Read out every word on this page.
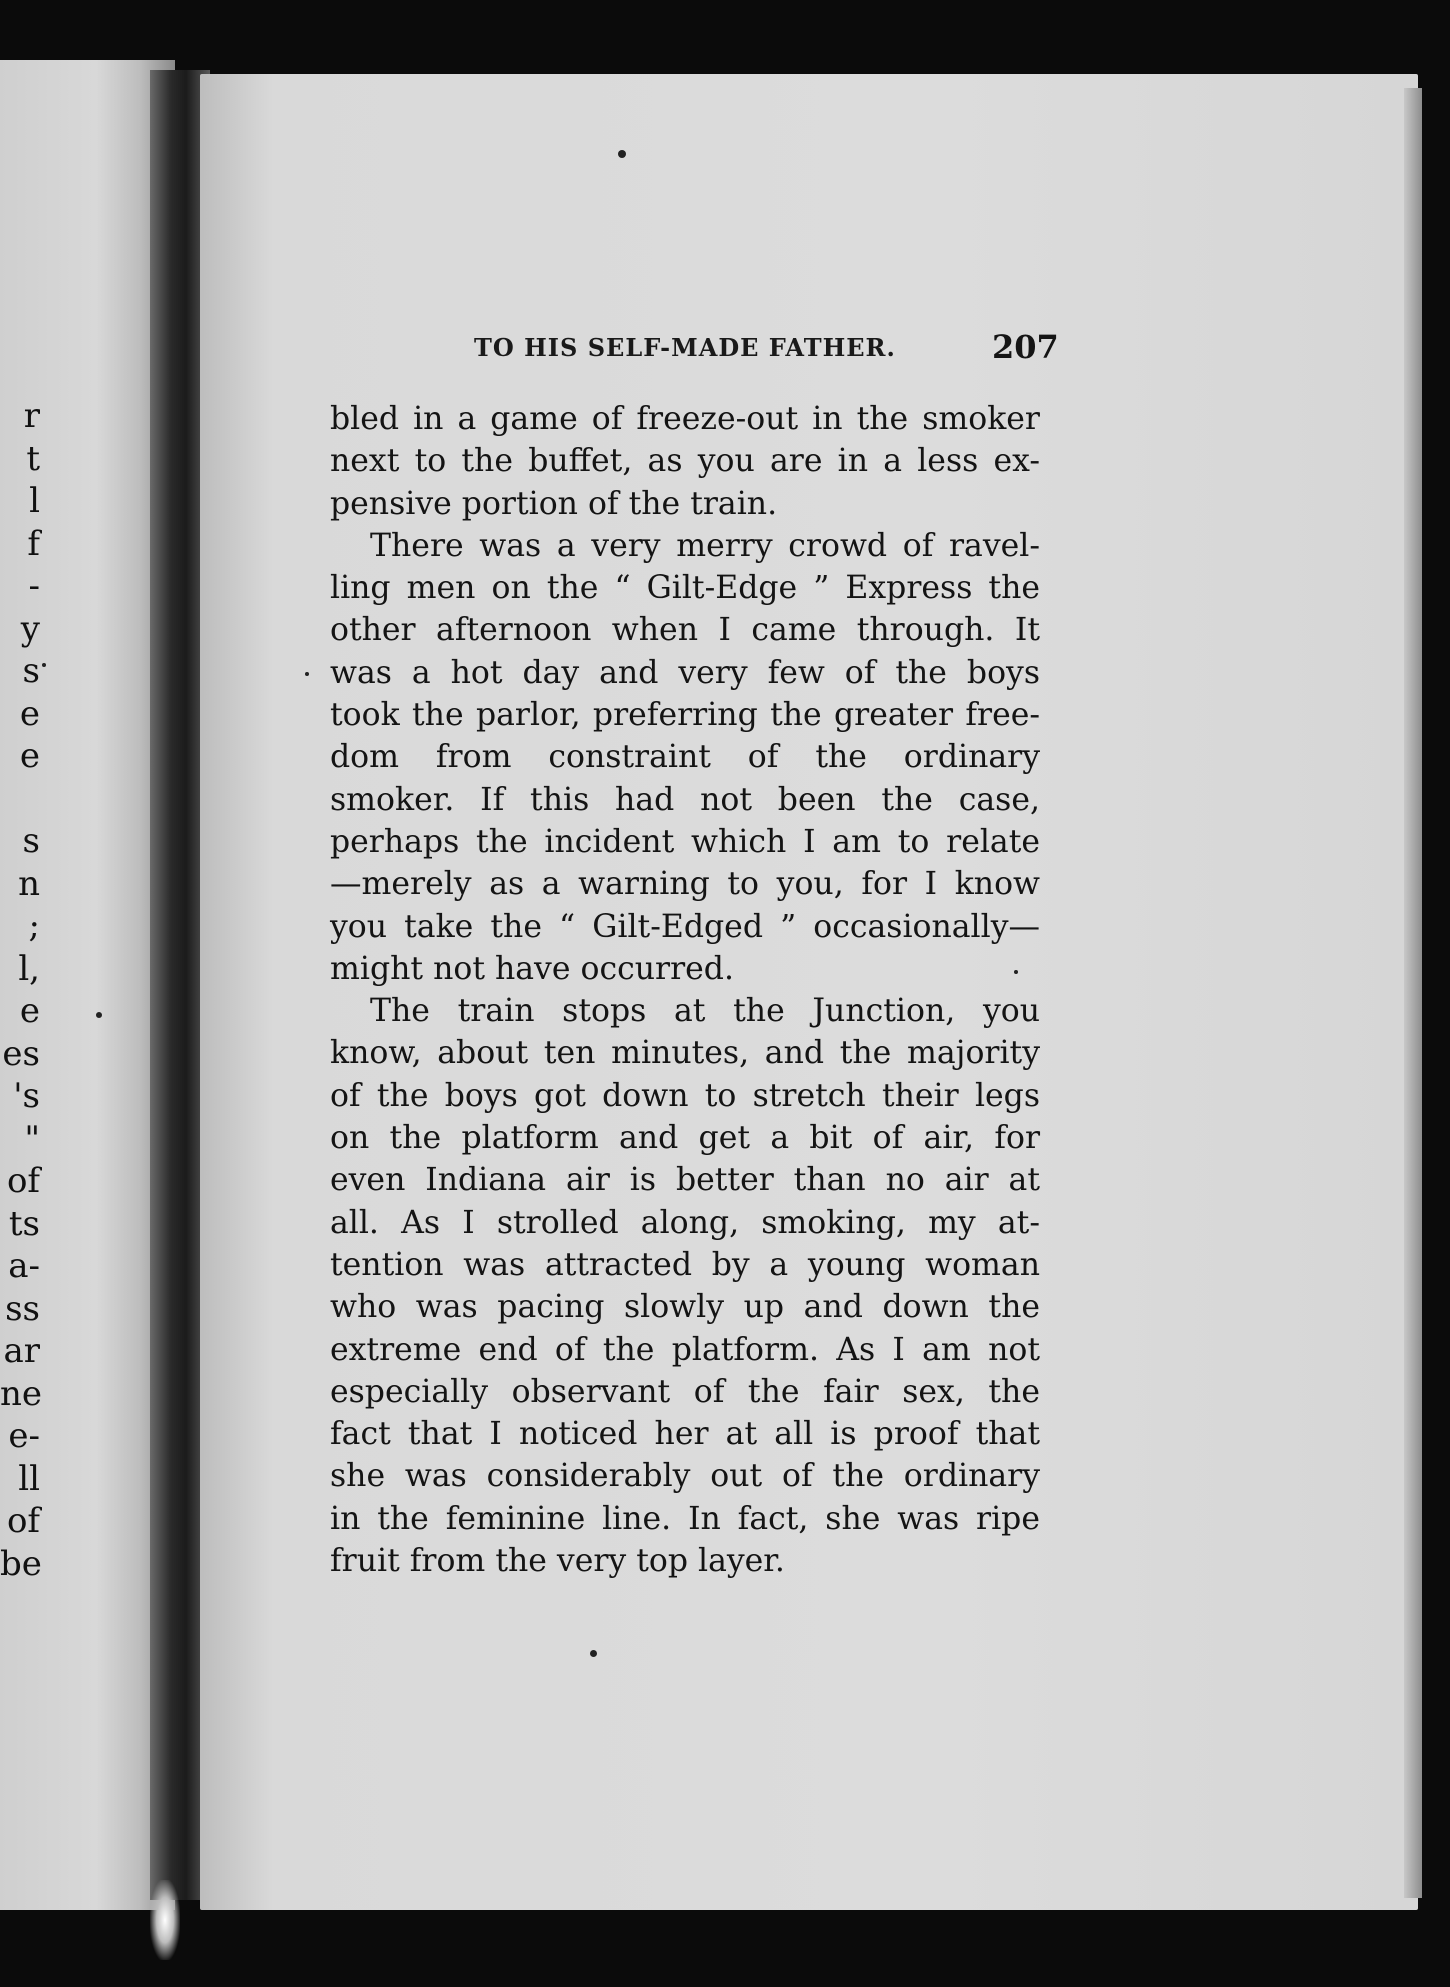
r
t
l
f
-
y
s
e
e
s
n
;
l,
e
es
's
"
of
ts
a-
ss
ar
ne
e-
ll
of
be
TO HIS SELF-MADE FATHER.	207
bled in a game of freeze-out in the smoker
next to the buffet, as you are in a less ex-
pensive portion of the train.
There was a very merry crowd of ravel-
ling men on the “ Gilt-Edge ” Express the
other afternoon when I came through. It
was a hot day and very few of the boys
took the parlor, preferring the greater free-
dom from constraint of the ordinary
smoker. If this had not been the case,
perhaps the incident which I am to relate
—merely as a warning to you, for I know
you take the “ Gilt-Edged ” occasionally—
might not have occurred.
The train stops at the Junction, you
know, about ten minutes, and the majority
of the boys got down to stretch their legs
on the platform and get a bit of air, for
even Indiana air is better than no air at
all. As I strolled along, smoking, my at-
tention was attracted by a young woman
who was pacing slowly up and down the
extreme end of the platform. As I am not
especially observant of the fair sex, the
fact that I noticed her at all is proof that
she was considerably out of the ordinary
in the feminine line. In fact, she was ripe
fruit from the very top layer.
